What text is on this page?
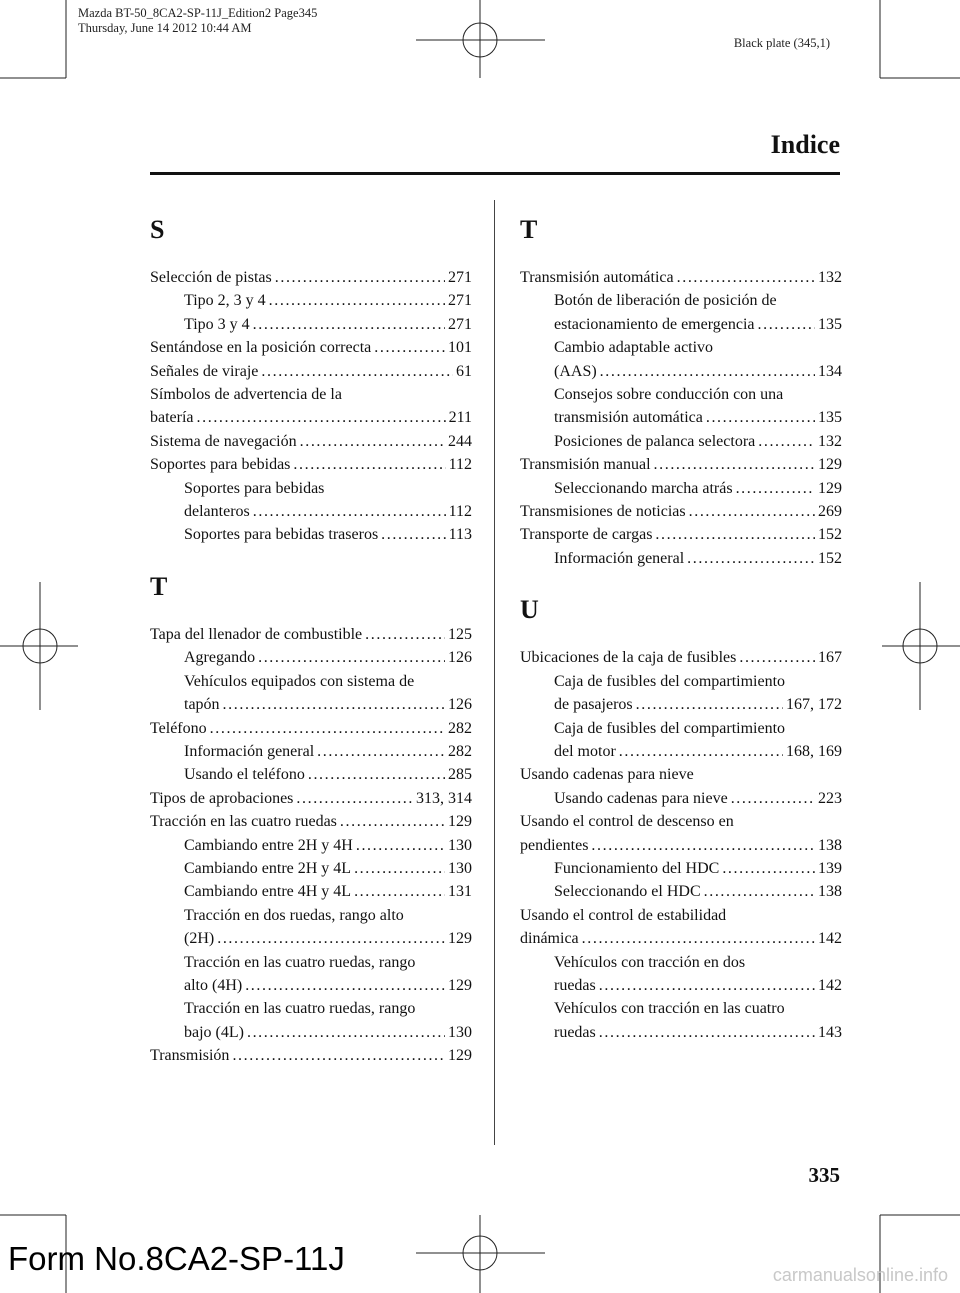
Mazda BT-50_8CA2-SP-11J_Edition2 Page345
Thursday, June 14 2012 10:44 AM
Black plate (345,1)
Indice
S
Selección de pistas . . .	271
Tipo 2, 3 y 4 . . .	271
Tipo 3 y 4 . . .	271
Sentándose en la posición correcta . . .	101
Señales de viraje . . .	61
Símbolos de advertencia de la
batería . . .	211
Sistema de navegación . . .	244
Soportes para bebidas . . .	112
Soportes para bebidas
delanteros . . .	112
Soportes para bebidas traseros . . .	113
T
Tapa del llenador de combustible . . .	125
Agregando . . .	126
Vehículos equipados con sistema de
tapón . . .	126
Teléfono . . .	282
Información general . . .	282
Usando el teléfono . . .	285
Tipos de aprobaciones . . .	313, 314
Tracción en las cuatro ruedas . . .	129
Cambiando entre 2H y 4H . . .	130
Cambiando entre 2H y 4L . . .	130
Cambiando entre 4H y 4L . . .	131
Tracción en dos ruedas, rango alto
(2H) . . .	129
Tracción en las cuatro ruedas, rango
alto (4H) . . .	129
Tracción en las cuatro ruedas, rango
bajo (4L) . . .	130
Transmisión . . .	129
T
Transmisión automática . . .	132
Botón de liberación de posición de
estacionamiento de emergencia . . .	135
Cambio adaptable activo
(AAS) . . .	134
Consejos sobre conducción con una
transmisión automática . . .	135
Posiciones de palanca selectora . . .	132
Transmisión manual . . .	129
Seleccionando marcha atrás . . .	129
Transmisiones de noticias . . .	269
Transporte de cargas . . .	152
Información general . . .	152
U
Ubicaciones de la caja de fusibles . . .	167
Caja de fusibles del compartimiento
de pasajeros . . .	167, 172
Caja de fusibles del compartimiento
del motor . . .	168, 169
Usando cadenas para nieve
Usando cadenas para nieve . . .	223
Usando el control de descenso en
pendientes . . .	138
Funcionamiento del HDC . . .	139
Seleccionando el HDC . . .	138
Usando el control de estabilidad
dinámica . . .	142
Vehículos con tracción en dos
ruedas . . .	142
Vehículos con tracción en las cuatro
ruedas . . .	143
335
Form No.8CA2-SP-11J	carmanualsonline.info
